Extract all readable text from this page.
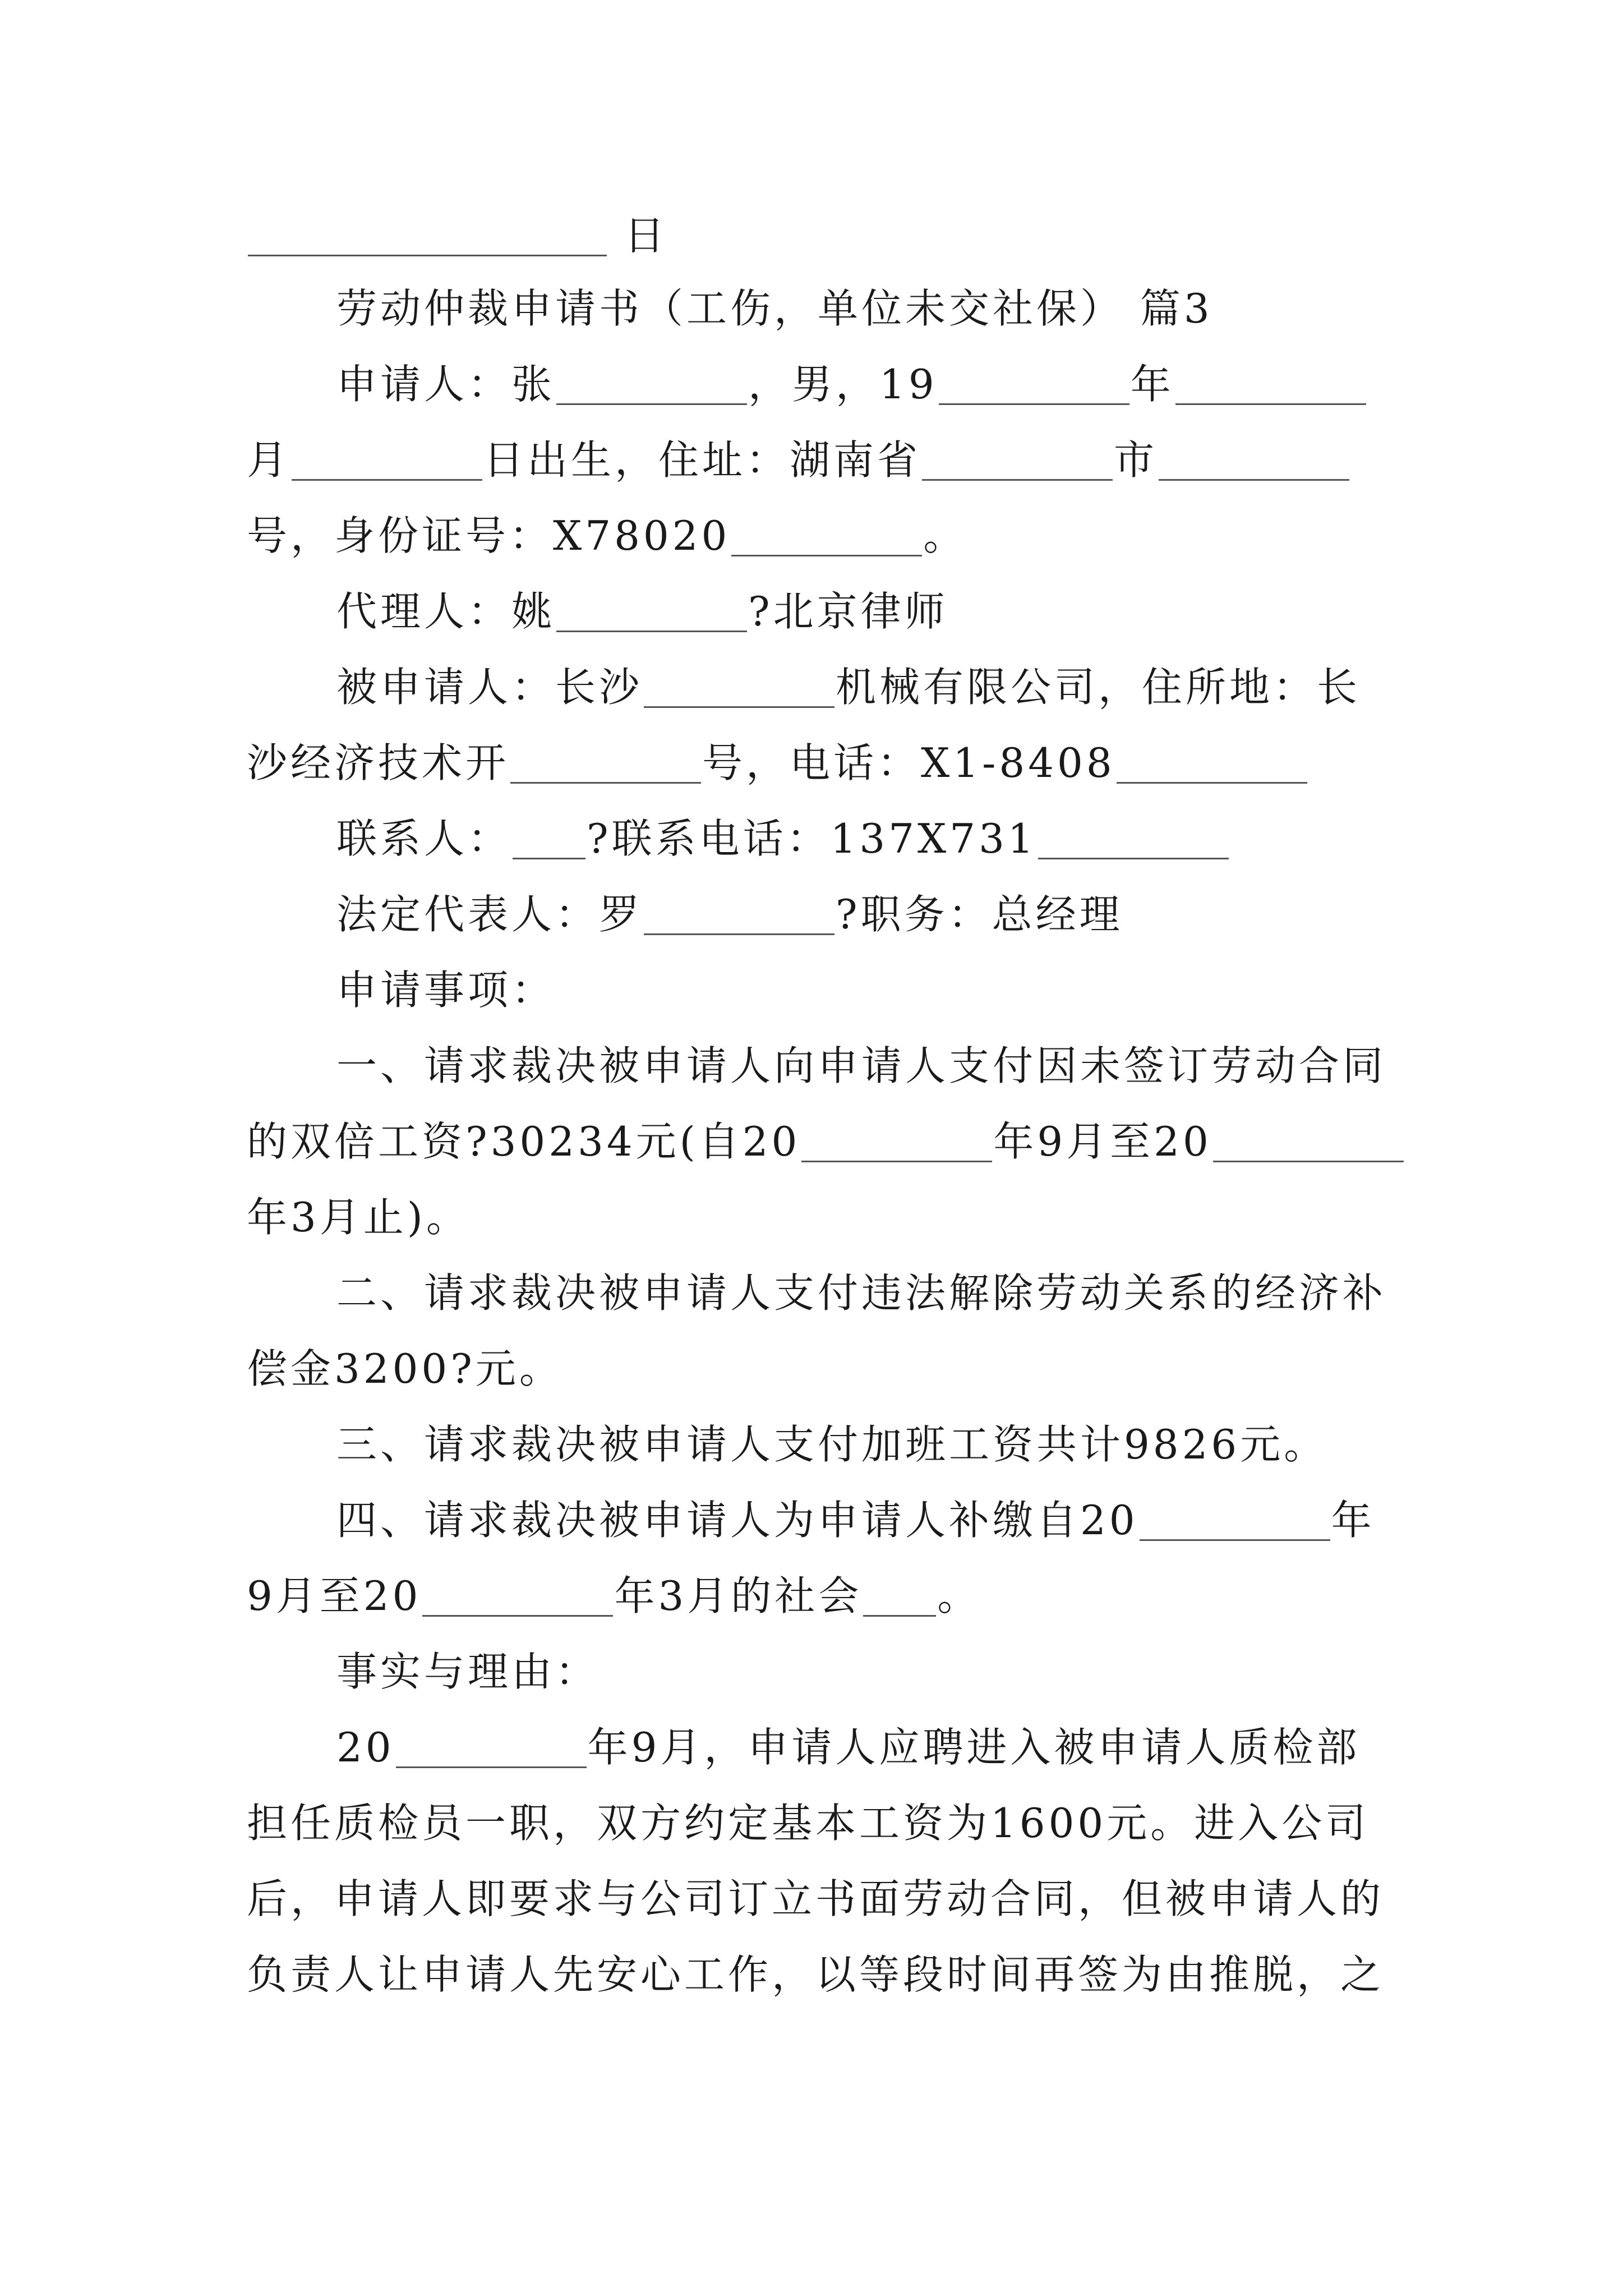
日
劳动仲裁申请书（工伤，单位未交社保） 篇3
申请人：张	，男，19	年
月	日出生，住址：湖南省	市
号，身份证号：X78020	。
代理人：姚	?北京律师
被申请人：长沙	机械有限公司，住所地：长
沙经济技术开	号，电话：X1-8408
联系人： ?联系电话：137X731
法定代表人：罗	?职务：总经理
申请事项：
一、请求裁决被申请人向申请人支付因未签订劳动合同
的双倍工资?30234元(自20	年9月至20
年3月止)。
二、请求裁决被申请人支付违法解除劳动关系的经济补
偿金3200?元。
三、请求裁决被申请人支付加班工资共计9826元。
四、请求裁决被申请人为申请人补缴自20	年
9月至20	年3月的社会 。
事实与理由：
20	年9月，申请人应聘进入被申请人质检部
担任质检员一职，双方约定基本工资为1600元。进入公司
后，申请人即要求与公司订立书面劳动合同，但被申请人的
负责人让申请人先安心工作，以等段时间再签为由推脱，之
